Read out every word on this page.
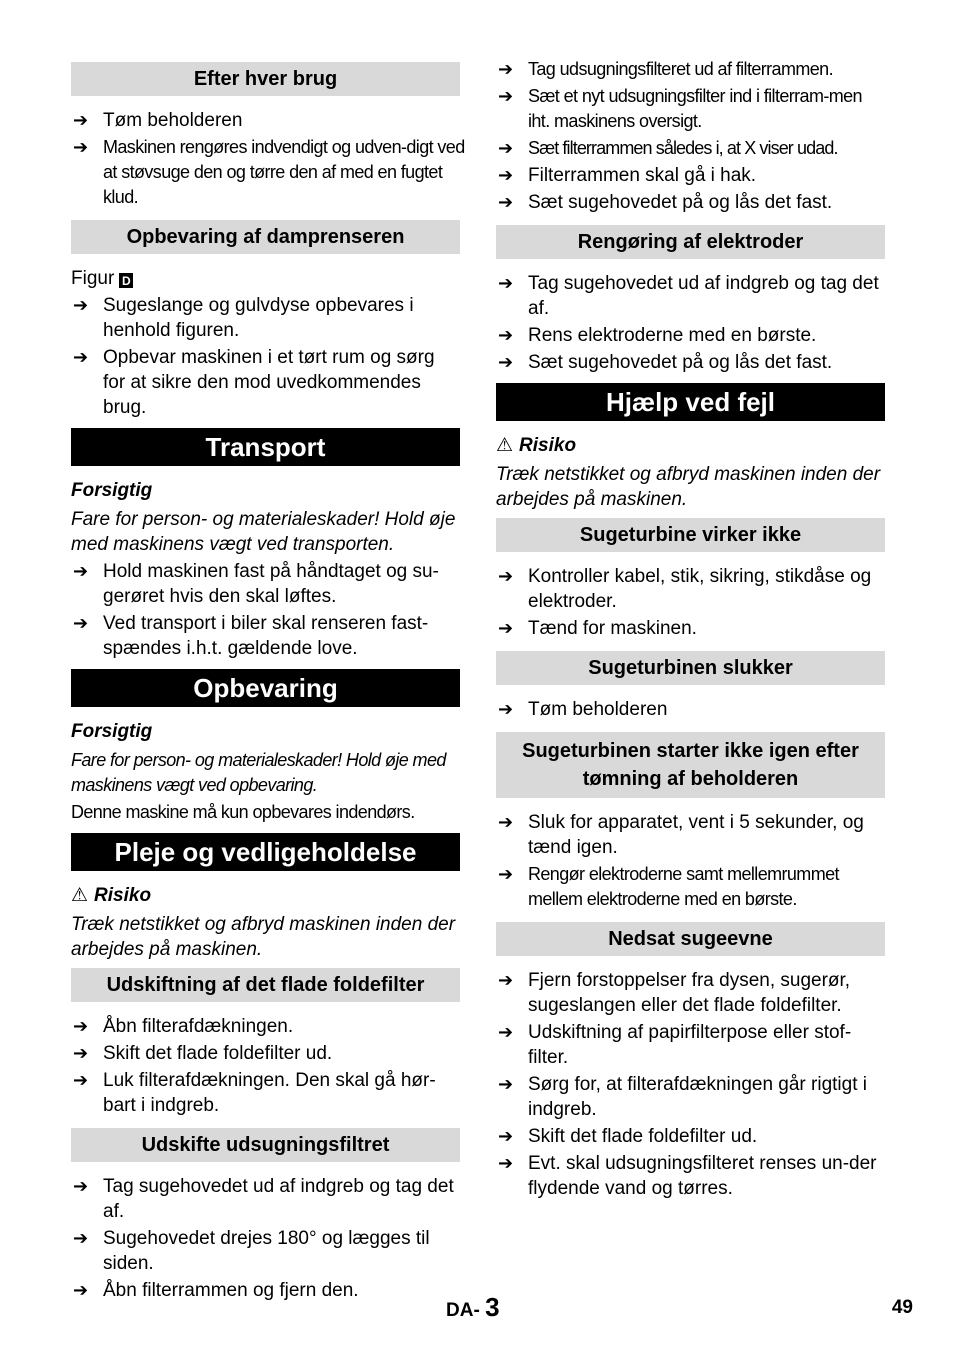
Efter hver brug
➔ Tøm beholderen
➔ Maskinen rengøres indvendigt og udven-digt ved at støvsuge den og tørre den af med en fugtet klud.
Opbevaring af damprenseren
Figur D
➔ Sugeslange og gulvdyse opbevares i henhold figuren.
➔ Opbevar maskinen i et tørt rum og sørg for at sikre den mod uvedkommendes brug.
Transport
Forsigtig
Fare for person- og materialeskader! Hold øje med maskinens vægt ved transporten.
➔ Hold maskinen fast på håndtaget og su-gerøret hvis den skal løftes.
➔ Ved transport i biler skal renseren fast-spændes i.h.t. gældende love.
Opbevaring
Forsigtig
Fare for person- og materialeskader! Hold øje med maskinens vægt ved opbevaring.
Denne maskine må kun opbevares indendørs.
Pleje og vedligeholdelse
⚠ Risiko
Træk netstikket og afbryd maskinen inden der arbejdes på maskinen.
Udskiftning af det flade foldefilter
➔ Åbn filterafdækningen.
➔ Skift det flade foldefilter ud.
➔ Luk filterafdækningen. Den skal gå hør-bart i indgreb.
Udskifte udsugningsfiltret
➔ Tag sugehovedet ud af indgreb og tag det af.
➔ Sugehovedet drejes 180° og lægges til siden.
➔ Åbn filterrammen og fjern den.
➔ Tag udsugningsfilteret ud af filterrammen.
➔ Sæt et nyt udsugningsfilter ind i filterram-men iht. maskinens oversigt.
➔ Sæt filterrammen således i, at X viser udad.
➔ Filterrammen skal gå i hak.
➔ Sæt sugehovedet på og lås det fast.
Rengøring af elektroder
➔ Tag sugehovedet ud af indgreb og tag det af.
➔ Rens elektroderne med en børste.
➔ Sæt sugehovedet på og lås det fast.
Hjælp ved fejl
⚠ Risiko
Træk netstikket og afbryd maskinen inden der arbejdes på maskinen.
Sugeturbine virker ikke
➔ Kontroller kabel, stik, sikring, stikdåse og elektroder.
➔ Tænd for maskinen.
Sugeturbinen slukker
➔ Tøm beholderen
Sugeturbinen starter ikke igen efter
tømning af beholderen
➔ Sluk for apparatet, vent i 5 sekunder, og tænd igen.
➔ Rengør elektroderne samt mellemrummet mellem elektroderne med en børste.
Nedsat sugeevne
➔ Fjern forstoppelser fra dysen, sugerør, sugeslangen eller det flade foldefilter.
➔ Udskiftning af papirfilterpose eller stof-filter.
➔ Sørg for, at filterafdækningen går rigtigt i indgreb.
➔ Skift det flade foldefilter ud.
➔ Evt. skal udsugningsfilteret renses un-der flydende vand og tørres.
DA- 3	49
